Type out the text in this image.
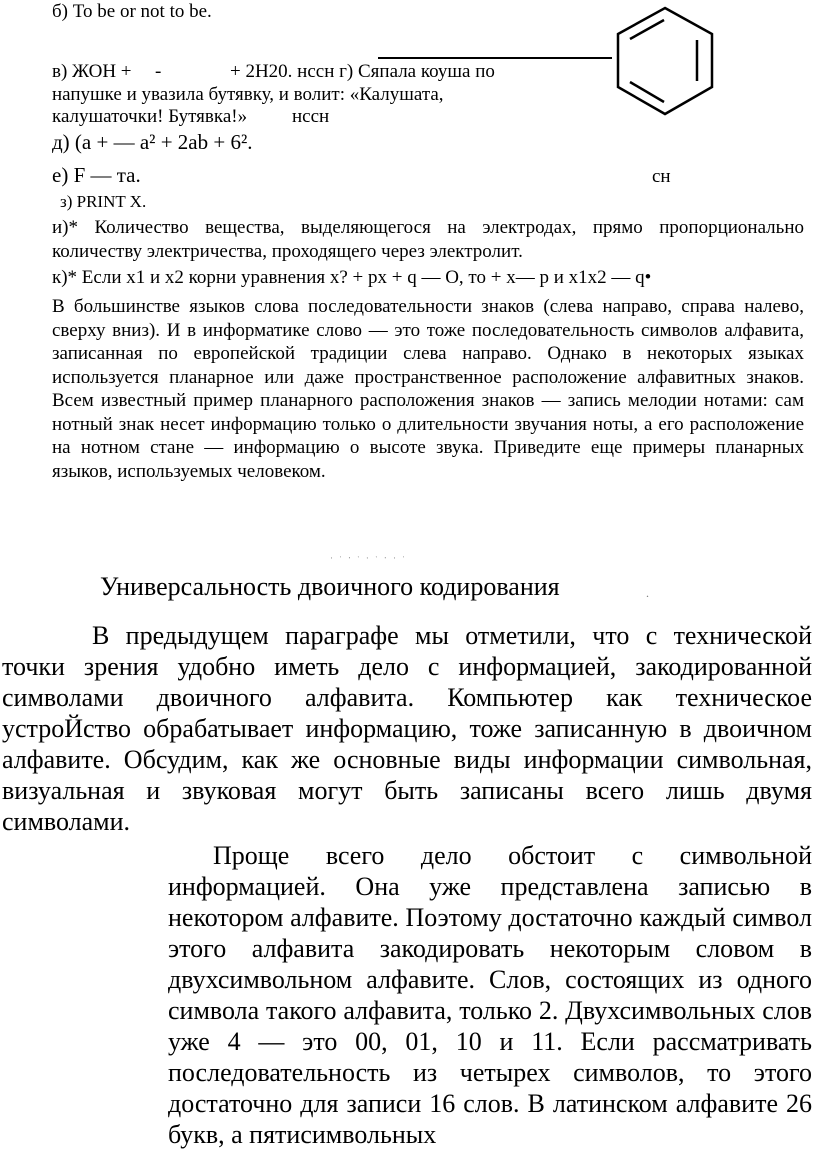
б) To be or not to be.
в) ЖОН + -	+ 2Н20. нссн г) Сяпала коуша по
напушке и увазила бутявку, и волит: «Калушата,
калушаточки! Бутявка!» нссн
д) (а + — а² + 2аb + 6².
е) F — та.	сн
з) PRINT X.
и)* Количество вещества, выделяющегося на электродах, прямо пропорционально количеству электричества, проходящего через электролит.
к)* Если х1 и х2 корни уравнения х? + рх + q — О, то + х— р и х1х2 — q•
В большинстве языков слова последовательности знаков (слева направо, справа налево, сверху вниз). И в информатике слово — это тоже последовательность символов алфавита, записанная по европейской традиции слева направо. Однако в некоторых языках используется планарное или даже пространственное расположение алфавитных знаков. Всем известный пример планарного расположения знаков — запись мелодии нотами: сам нотный знак несет информацию только о длительности звучания ноты, а его расположение на нотном стане — информацию о высоте звука. Приведите еще примеры планарных языков, используемых человеком.
· ˑ ‧ ˑ · ˑ ‧ · ˑ
Универсальность двоичного кодирования	.
В предыдущем параграфе мы отметили, что с технической точки зрения удобно иметь дело с информацией, закодированной символами двоичного алфавита. Компьютер как техническое устроЙство обрабатывает информацию, тоже записанную в двоичном алфавите. Обсудим, как же основные виды информации символьная, визуальная и звуковая могут быть записаны всего лишь двумя символами.
Проще всего дело обстоит с символьной информацией. Она уже представлена записью в некотором алфавите. Поэтому достаточно каждый символ этого алфавита закодировать некоторым словом в двухсимвольном алфавите. Слов, состоящих из одного символа такого алфавита, только 2. Двухсимвольных слов уже 4 — это 00, 01, 10 и 11. Если рассматривать последовательность из четырех символов, то этого достаточно для записи 16 слов. В латинском алфавите 26 букв, а пятисимвольных
